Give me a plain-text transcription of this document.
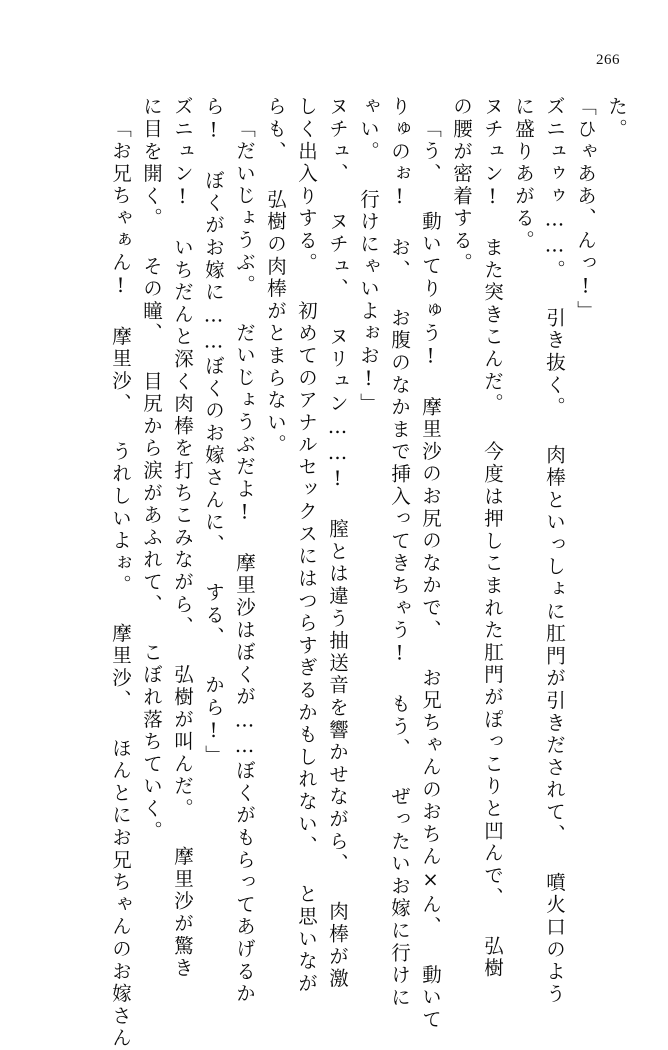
266
た。
「ひゃああ、んっ!」
ズニュゥゥ……。 引き抜く。 肉棒といっしょに肛門が引きだされて、 噴火口のよう
に盛りあがる。
ヌチュン! また突きこんだ。 今度は押しこまれた肛門がぽっこりと凹んで、 弘樹
の腰が密着する。
「う、 動いてりゅう! 摩里沙のお尻のなかで、 お兄ちゃんのおちん×ん、 動いて
りゅのぉ! お、 お腹のなかまで挿入ってきちゃう! もう、 ぜったいお嫁に行けに
ゃい。 行けにゃいよぉお!」
ヌチュ、 ヌチュ、 ヌリュン……! 膣とは違う抽送音を響かせながら、 肉棒が激
しく出入りする。 初めてのアナルセックスにはつらすぎるかもしれない、 と思いなが
らも、 弘樹の肉棒がとまらない。
「だいじょうぶ。 だいじょうぶだよ! 摩里沙はぼくが……ぼくがもらってあげるか
ら! ぼくがお嫁に……ぼくのお嫁さんに、 する、 から!」
ズニュン! いちだんと深く肉棒を打ちこみながら、 弘樹が叫んだ。 摩里沙が驚き
に目を開く。 その瞳、 目尻から涙があふれて、 こぼれ落ちていく。
「お兄ちゃぁん! 摩里沙、 うれしいよぉ。 摩里沙、 ほんとにお兄ちゃんのお嫁さん
